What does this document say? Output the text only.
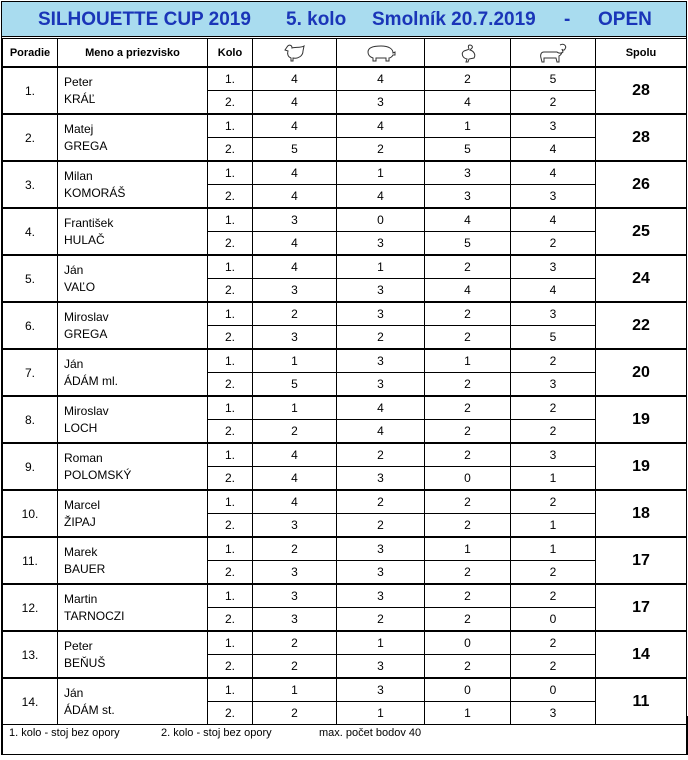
SILHOUETTE CUP 2019 5. kolo Smolník 20.7.2019 - OPEN
Poradie	Meno a priezvisko	Kolo					Spolu
1.	Peter
KRÁĽ	1.	4	4	2	5	28
		2.	4	3	4	2	
2.	Matej
GREGA	1.	4	4	1	3	28
		2.	5	2	5	4	
3.	Milan
KOMORÁŠ	1.	4	1	3	4	26
		2.	4	4	3	3	
4.	František
HULAČ	1.	3	0	4	4	25
		2.	4	3	5	2	
5.	Ján
VAĽO	1.	4	1	2	3	24
		2.	3	3	4	4	
6.	Miroslav
GREGA	1.	2	3	2	3	22
		2.	3	2	2	5	
7.	Ján
ÁDÁM ml.	1.	1	3	1	2	20
		2.	5	3	2	3	
8.	Miroslav
LOCH	1.	1	4	2	2	19
		2.	2	4	2	2	
9.	Roman
POLOMSKÝ	1.	4	2	2	3	19
		2.	4	3	0	1	
10.	Marcel
ŽIPAJ	1.	4	2	2	2	18
		2.	3	2	2	1	
11.	Marek
BAUER	1.	2	3	1	1	17
		2.	3	3	2	2	
12.	Martin
TARNOCZI	1.	3	3	2	2	17
		2.	3	2	2	0	
13.	Peter
BEŇUŠ	1.	2	1	0	2	14
		2.	2	3	2	2	
14.	Ján
ÁDÁM st.	1.	1	3	0	0	11
		2.	2	1	1	3	
1. kolo - stoj bez opory	2. kolo - stoj bez opory	max. počet bodov 40
